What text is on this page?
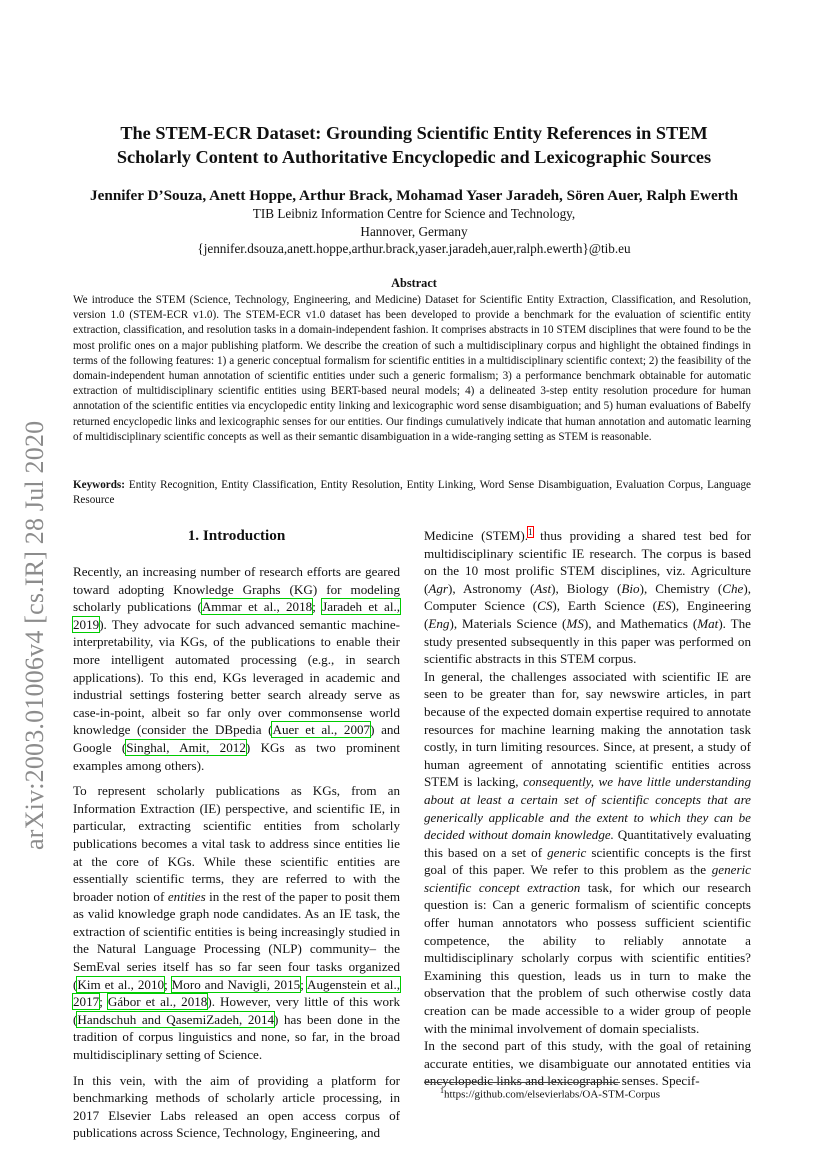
arXiv:2003.01006v4 [cs.IR] 28 Jul 2020
The STEM-ECR Dataset: Grounding Scientific Entity References in STEM
Scholarly Content to Authoritative Encyclopedic and Lexicographic Sources
Jennifer D’Souza, Anett Hoppe, Arthur Brack, Mohamad Yaser Jaradeh, Sören Auer, Ralph Ewerth
TIB Leibniz Information Centre for Science and Technology,
Hannover, Germany
{jennifer.dsouza,anett.hoppe,arthur.brack,yaser.jaradeh,auer,ralph.ewerth}@tib.eu
Abstract
We introduce the STEM (Science, Technology, Engineering, and Medicine) Dataset for Scientific Entity Extraction, Classification, and Resolution, version 1.0 (STEM-ECR v1.0). The STEM-ECR v1.0 dataset has been developed to provide a benchmark for the evaluation of scientific entity extraction, classification, and resolution tasks in a domain-independent fashion. It comprises abstracts in 10 STEM disciplines that were found to be the most prolific ones on a major publishing platform. We describe the creation of such a multidisciplinary corpus and highlight the obtained findings in terms of the following features: 1) a generic conceptual formalism for scientific entities in a multidisciplinary scientific context; 2) the feasibility of the domain-independent human annotation of scientific entities under such a generic formalism; 3) a performance benchmark obtainable for automatic extraction of multidisciplinary scientific entities using BERT-based neural models; 4) a delineated 3-step entity resolution procedure for human annotation of the scientific entities via encyclopedic entity linking and lexicographic word sense disambiguation; and 5) human evaluations of Babelfy returned encyclopedic links and lexicographic senses for our entities. Our findings cumulatively indicate that human annotation and automatic learning of multidisciplinary scientific concepts as well as their semantic disambiguation in a wide-ranging setting as STEM is reasonable.
Keywords: Entity Recognition, Entity Classification, Entity Resolution, Entity Linking, Word Sense Disambiguation, Evaluation Corpus, Language Resource
1. Introduction

Recently, an increasing number of research efforts are geared toward adopting Knowledge Graphs (KG) for modeling scholarly publications (Ammar et al., 2018; Jaradeh et al., 2019). They advocate for such advanced semantic machine-interpretability, via KGs, of the publications to enable their more intelligent automated processing (e.g., in search applications). To this end, KGs leveraged in academic and industrial settings fostering better search already serve as case-in-point, albeit so far only over commonsense world knowledge (consider the DBpedia (Auer et al., 2007) and Google (Singhal, Amit, 2012) KGs as two prominent examples among others).

To represent scholarly publications as KGs, from an Information Extraction (IE) perspective, and scientific IE, in particular, extracting scientific entities from scholarly publications becomes a vital task to address since entities lie at the core of KGs. While these scientific entities are essentially scientific terms, they are referred to with the broader notion of entities in the rest of the paper to posit them as valid knowledge graph node candidates. As an IE task, the extraction of scientific entities is being increasingly studied in the Natural Language Processing (NLP) community– the SemEval series itself has so far seen four tasks organized (Kim et al., 2010; Moro and Navigli, 2015; Augenstein et al., 2017; Gábor et al., 2018). However, very little of this work (Handschuh and QasemiZadeh, 2014) has been done in the tradition of corpus linguistics and none, so far, in the broad multidisciplinary setting of Science.

In this vein, with the aim of providing a platform for benchmarking methods of scholarly article processing, in 2017 Elsevier Labs released an open access corpus of publications across Science, Technology, Engineering, and

Medicine (STEM).$^1$ thus providing a shared test bed for multidisciplinary scientific IE research. The corpus is based on the 10 most prolific STEM disciplines, viz. Agriculture (Agr), Astronomy (Ast), Biology (Bio), Chemistry (Che), Computer Science (CS), Earth Science (ES), Engineering (Eng), Materials Science (MS), and Mathematics (Mat). The study presented subsequently in this paper was performed on scientific abstracts in this STEM corpus.

In general, the challenges associated with scientific IE are seen to be greater than for, say newswire articles, in part because of the expected domain expertise required to annotate resources for machine learning making the annotation task costly, in turn limiting resources. Since, at present, a study of human agreement of annotating scientific entities across STEM is lacking, consequently, we have little understanding about at least a certain set of scientific concepts that are generically applicable and the extent to which they can be decided without domain knowledge. Quantitatively evaluating this based on a set of generic scientific concepts is the first goal of this paper. We refer to this problem as the generic scientific concept extraction task, for which our research question is: Can a generic formalism of scientific concepts offer human annotators who possess sufficient scientific competence, the ability to reliably annotate a multidisciplinary scholarly corpus with scientific entities? Examining this question, leads us in turn to make the observation that the problem of such otherwise costly data creation can be made accessible to a wider group of people with the minimal involvement of domain specialists.

In the second part of this study, with the goal of retaining accurate entities, we disambiguate our annotated entities via encyclopedic links and lexicographic senses. Specif-

$^1$https://github.com/elsevierlabs/OA-STM-Corpus
